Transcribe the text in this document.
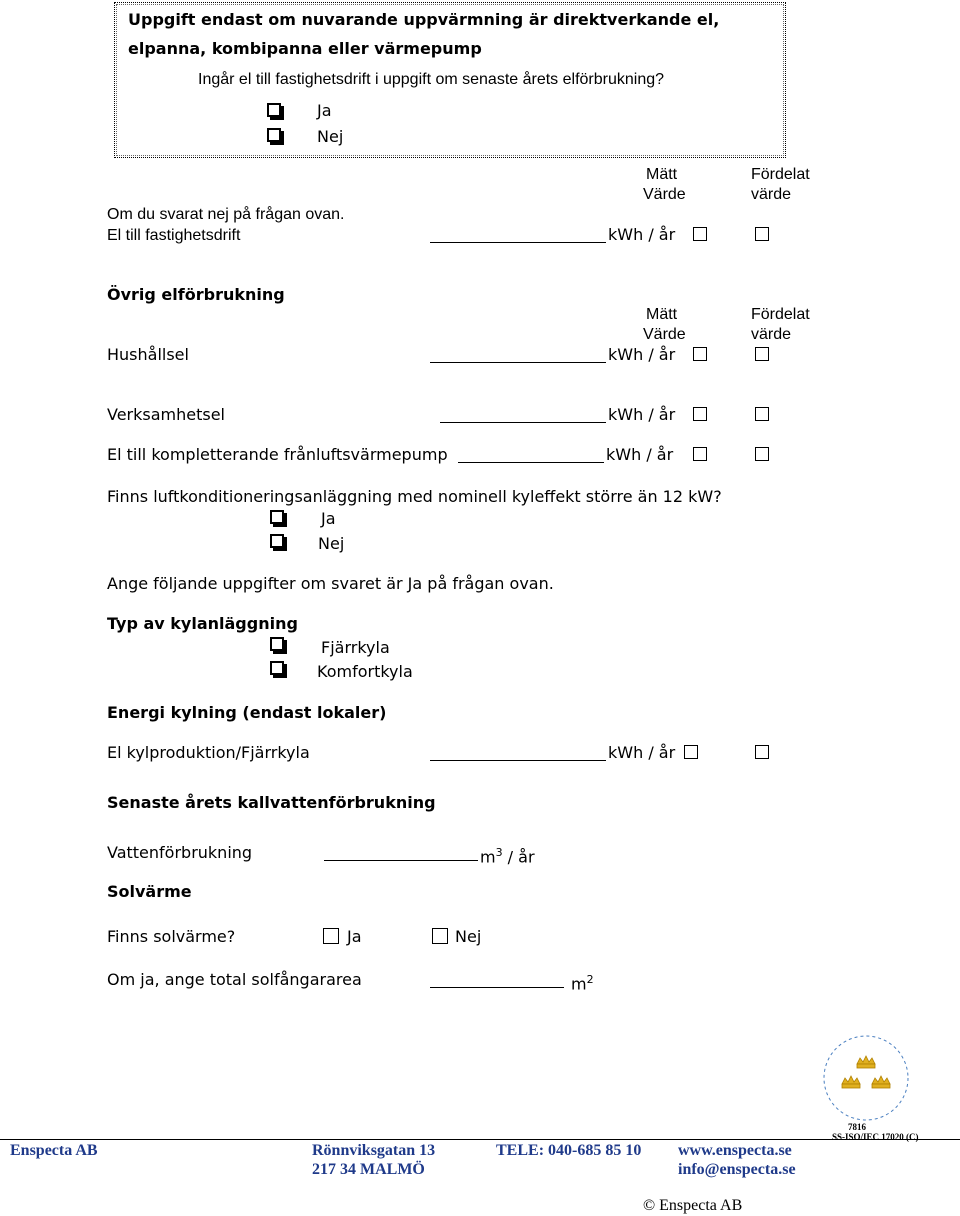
Uppgift endast om nuvarande uppvärmning är direktverkande el,
elpanna, kombipanna eller värmepump
Ingår el till fastighetsdrift i uppgift om senaste årets elförbrukning?
Ja
Nej
Mätt
Värde
Fördelat
värde
Om du svarat nej på frågan ovan.
El till fastighetsdrift	kWh / år
Övrig elförbrukning
Mätt
Värde
Fördelat
värde
Hushållsel	kWh / år
Verksamhetsel	kWh / år
El till kompletterande frånluftsvärmepump	kWh / år
Finns luftkonditioneringsanläggning med nominell kyleffekt större än 12 kW?
Ja
Nej
Ange följande uppgifter om svaret är Ja på frågan ovan.
Typ av kylanläggning
Fjärrkyla
Komfortkyla
Energi kylning (endast lokaler)
El kylproduktion/Fjärrkyla	kWh / år
Senaste årets kallvattenförbrukning
Vattenförbrukning	$m^3$ / år
Solvärme
Finns solvärme?	Ja	Nej
Om ja, ange total solfångararea	$m^2$
7816
SS-ISO/IEC 17020 (C)
Enspecta AB	Rönnviksgatan 13
217 34 MALMÖ
TELE: 040-685 85 10 www.enspecta.se
info@enspecta.se
© Enspecta AB
